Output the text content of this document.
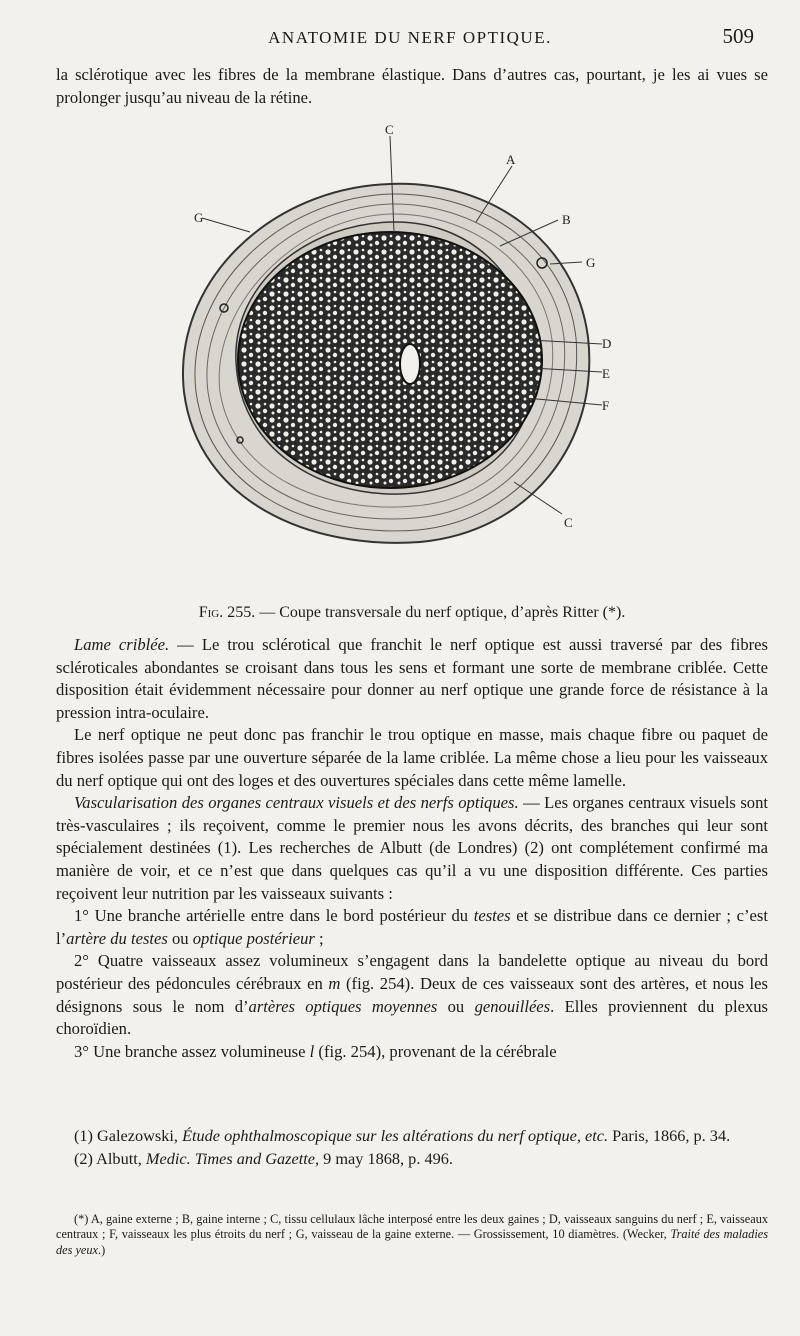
ANATOMIE DU NERF OPTIQUE.	509
la sclérotique avec les fibres de la membrane élastique. Dans d’autres cas, pourtant, je les ai vues se prolonger jusqu’au niveau de la rétine.
C
A
B
G
D
E
F
C
G
Fig. 255. — Coupe transversale du nerf optique, d’après Ritter (*).

Lame criblée. — Le trou sclérotical que franchit le nerf optique est aussi traversé par des fibres scléroticales abondantes se croisant dans tous les sens et formant une sorte de membrane criblée. Cette disposition était évidemment nécessaire pour donner au nerf optique une grande force de résistance à la pression intra-oculaire.

Le nerf optique ne peut donc pas franchir le trou optique en masse, mais chaque fibre ou paquet de fibres isolées passe par une ouverture séparée de la lame criblée. La même chose a lieu pour les vaisseaux du nerf optique qui ont des loges et des ouvertures spéciales dans cette même lamelle.

Vascularisation des organes centraux visuels et des nerfs optiques. — Les organes centraux visuels sont très-vasculaires ; ils reçoivent, comme le premier nous les avons décrits, des branches qui leur sont spécialement destinées (1). Les recherches de Albutt (de Londres) (2) ont complétement confirmé ma manière de voir, et ce n’est que dans quelques cas qu’il a vu une disposition différente. Ces parties reçoivent leur nutrition par les vaisseaux suivants :

1° Une branche artérielle entre dans le bord postérieur du testes et se distribue dans ce dernier ; c’est l’artère du testes ou optique postérieur ;

2° Quatre vaisseaux assez volumineux s’engagent dans la bandelette optique au niveau du bord postérieur des pédoncules cérébraux en m (fig. 254). Deux de ces vaisseaux sont des artères, et nous les désignons sous le nom d’artères optiques moyennes ou genouillées. Elles proviennent du plexus choroïdien.

3° Une branche assez volumineuse l (fig. 254), provenant de la cérébrale

(1) Galezowski, Étude ophthalmoscopique sur les altérations du nerf optique, etc. Paris, 1866, p. 34.

(2) Albutt, Medic. Times and Gazette, 9 may 1868, p. 496.

(*) A, gaine externe ; B, gaine interne ; C, tissu cellulaux lâche interposé entre les deux gaines ; D, vaisseaux sanguins du nerf ; E, vaisseaux centraux ; F, vaisseaux les plus étroits du nerf ; G, vaisseau de la gaine externe. — Grossissement, 10 diamètres. (Wecker, Traité des maladies des yeux.)
